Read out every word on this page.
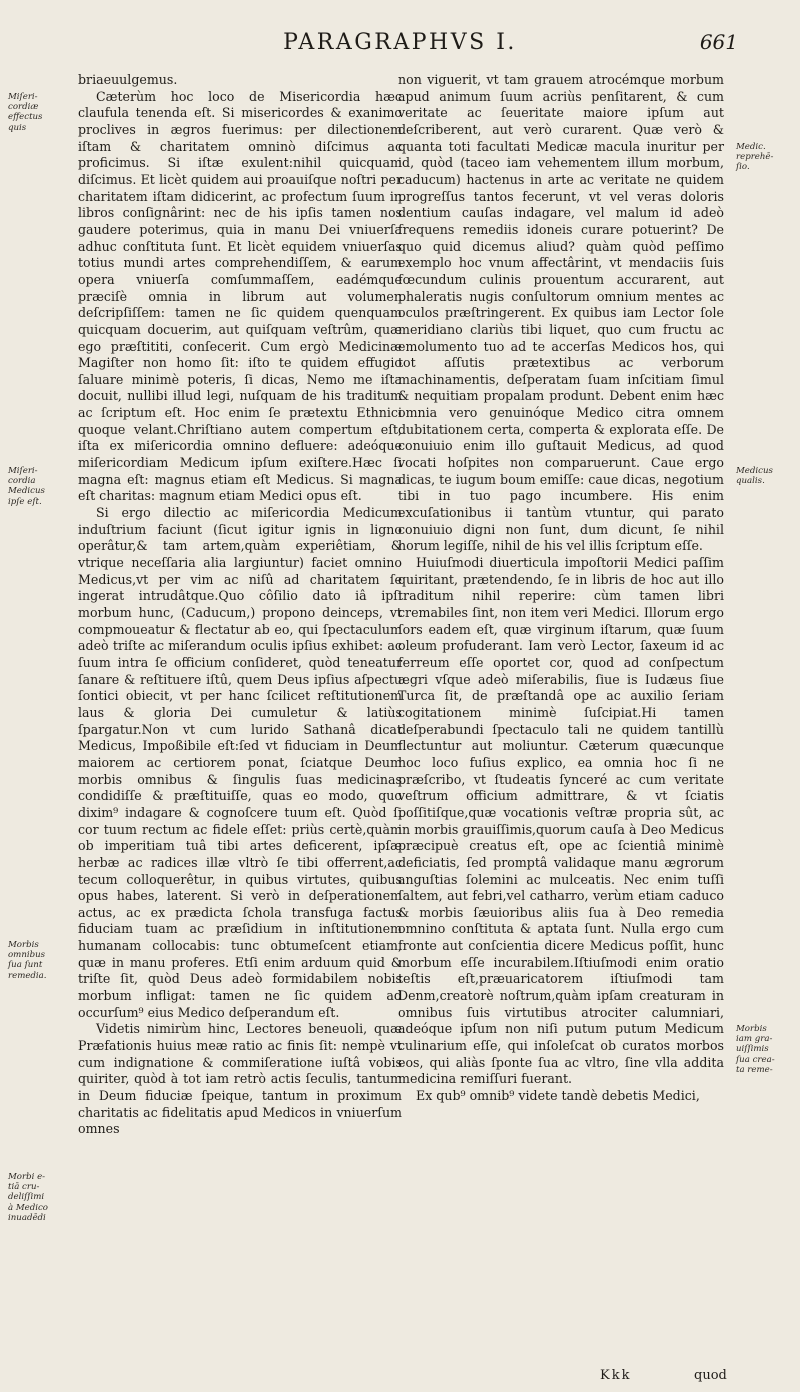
PARAGRAPHVS I.	661
Miſeri-
cordiæ
effectus
quis
Miſeri-
cordia
Medicus
ipſe eſt.
Morbis
omnibus
ſua ſunt
remedia.
Morbi e-
tiā cru-
deliſſimi
à Medico
inuadēdi
Medic.
reprehē-
ſio.
Medicus
qualis.
Morbis
iam gra-
uiſſimis
ſua crea-
ta reme-

briaeuulgemus.

Cæterùm hoc loco de Misericordia hæc claufula tenenda eſt. Si misericordes & exanimo proclives in ægros fuerimus: per dilectionem iſtam & charitatem omninò diſcimus ac proficimus. Si iſtæ exulent:nihil quicquam diſcimus. Et licèt quidem aui proauiſque noſtri per charitatem iſtam didicerint, ac profectum ſuum in libros conſignârint: nec de his ipſis tamen nos gaudere poterimus, quia in manu Dei vniuerſa adhuc conſtituta ſunt. Et licèt equidem vniuerſas totius mundi artes comprehendiſſem, & earum opera vniuerſa comſummaſſem, eadémque præciſè omnia in librum aut volumen deſcripſiſſem: tamen ne ſic quidem quenquam quicquam docuerim, aut quiſquam veſtrûm, quæ ego præſtititi, conſecerit. Cum ergò Medicinæ Magiſter non homo ſit: iſto te quidem effugio ſaluare minimè poteris, ſi dicas, Nemo me iſta docuit, nullibi illud legi, nuſquam de his traditum ac ſcriptum eſt. Hoc enim ſe prætextu Ethnici quoque velant.Chriſtiano autem compertum eſt, iſta ex miſericordia omnino defluere: adeóque miſericordiam Medicum ipſum exiſtere.Hæc ſi magna eſt: magnus etiam eſt Medicus. Si magna eſt charitas: magnum etiam Medici opus eſt.

Si ergo dilectio ac miſericordia Medicum induſtrium faciunt (ſicut igitur ignis in ligno operâtur,& tam artem,quàm experiêtiam, & vtrique neceſſaria alia largiuntur) faciet omnino Medicus,vt per vim ac niſû ad charitatem ſe ingerat intrudâtque.Quo côſilio dato iâ ipſi morbum hunc, (Caducum,) propono deinceps, vt compmoueatur & flectatur ab eo, qui ſpectaculum adeò triſte ac miſerandum oculis ipſius exhibet: ac ſuum intra ſe officium conſideret, quòd teneatur ſanare & reſtituere iſtû, quem Deus ipſius aſpectu ſontici obiecit, vt per hanc ſcilicet reſtitutionem laus & gloria Dei cumuletur & latiùs ſpargatur.Non vt cum lurido Sathanâ dicat Medicus, Impoßibile eſt:ſed vt fiduciam in Deum maiorem ac certiorem ponat, ſciatque Deum morbis omnibus & ſingulis ſuas medicinas condidiſſe & præſtituiſſe, quas eo modo, quo dixim⁹ indagare & cognoſcere tuum eſt. Quòd ſi cor tuum rectum ac fidele eſſet: priùs certè,quàm ob imperitiam tuâ tibi artes deficerent, ipſæ herbæ ac radices illæ vltrò ſe tibi offerrent,ac tecum colloquerêtur, in quibus virtutes, quibus opus habes, laterent. Si verò in deſperationem actus, ac ex prædicta ſchola transfuga factus fiduciam tuam ac præſidium in inſtitutionem humanam collocabis: tunc obtumeſcent etiam, quæ in manu proferes. Etſi enim arduum quid & triſte ſit, quòd Deus adeò formidabilem nobis morbum infligat: tamen ne ſic quidem ad occurſum⁹ eius Medico deſperandum eſt.

Videtis nimirùm hinc, Lectores beneuoli, quæ Præfationis huius meæ ratio ac finis ſit: nempè vt cum indignatione & commiſeratione iuſtâ vobis quiriter, quòd à tot iam retrò actis ſeculis, tantum in Deum fiduciæ ſpeique, tantum in proximum charitatis ac fidelitatis apud Medicos in vniuerſum omnes

non viguerit, vt tam grauem atrocémque morbum apud animum ſuum acriùs penſitarent, & cum veritate ac ſeueritate maiore ipſum aut deſcriberent, aut verò curarent. Quæ verò & quanta toti facultati Medicæ macula inuritur per id, quòd (taceo iam vehementem illum morbum, caducum) hactenus in arte ac veritate ne quidem progreſſus tantos fecerunt, vt vel veras doloris dentium cauſas indagare, vel malum id adeò frequens remediis idoneis curare potuerint? De quo quid dicemus aliud? quàm quòd peſſimo exemplo hoc vnum affectârint, vt mendaciis ſuis fœcundum culinis prouentum accurarent, aut phaleratis nugis conſultorum omnium mentes ac oculos præſtringerent. Ex quibus iam Lector ſole meridiano clariùs tibi liquet, quo cum fructu ac emolumento tuo ad te accerſas Medicos hos, qui tot aſſutis prætextibus ac verborum machinamentis, deſperatam ſuam inſcitiam ſimul & nequitiam propalam produnt. Debent enim hæc omnia vero genuinóque Medico citra omnem dubitationem certa, comperta & explorata eſſe. De conuiuio enim illo guſtauit Medicus, ad quod vocati hoſpites non comparuerunt. Caue ergo dicas, te iugum boum emiſſe: caue dicas, negotium tibi in tuo pago incumbere. His enim excuſationibus ii tantùm vtuntur, qui parato conuiuio digni non ſunt, dum dicunt, ſe nihil horum legiſſe, nihil de his vel illis ſcriptum eſſe.

Huiuſmodi diuerticula impoſtorii Medici paſſim quiritant, prætendendo, ſe in libris de hoc aut illo traditum nihil reperire: cùm tamen libri cremabiles ſint, non item veri Medici. Illorum ergo ſors eadem eſt, quæ virginum iſtarum, quæ ſuum oleum profuderant. Iam verò Lector, ſaxeum id ac ferreum eſſe oportet cor, quod ad conſpectum ægri vſque adeò miſerabilis, ſiue is Iudæus ſiue Turca ſit, de præſtandâ ope ac auxilio ſeriam cogitationem minimè ſuſcipiat.Hi tamen deſperabundi ſpectaculo tali ne quidem tantillù flectuntur aut moliuntur. Cæterum quæcunque hoc loco fuſius explico, ea omnia hoc ſi ne præſcribo, vt ſtudeatis ſynceré ac cum veritate veſtrum officium admittrare, & vt ſciatis poſſitiſque,quæ vocationis veſtræ propria sût, ac in morbis grauiſſimis,quorum cauſa à Deo Medicus præcipuè creatus eſt, ope ac ſcientiâ minimè deficiatis, ſed promptâ validaque manu ægrorum anguſtias ſolemini ac mulceatis. Nec enim tuſſi ſaltem, aut febri,vel catharro, verùm etiam caduco & morbis ſæuioribus aliis ſua à Deo remedia omnino conſtituta & aptata ſunt. Nulla ergo cum fronte aut conſcientia dicere Medicus poſſit, hunc morbum eſſe incurabilem.Iſtiuſmodi enim oratio teſtis eſt,præuaricatorem iſtiuſmodi tam Denm,creatorè noſtrum,quàm ipſam creaturam in omnibus ſuis virtutibus atrociter calumniari, adeóque ipſum non niſi putum putum Medicum culinarium eſſe, qui inſoleſcat ob curatos morbos eos, qui aliàs ſponte ſua ac vltro, ſine vlla addita medicina remiſſuri fuerant.

Ex qub⁹ omnib⁹ videte tandè debetis Medici,

Kkk	quod
